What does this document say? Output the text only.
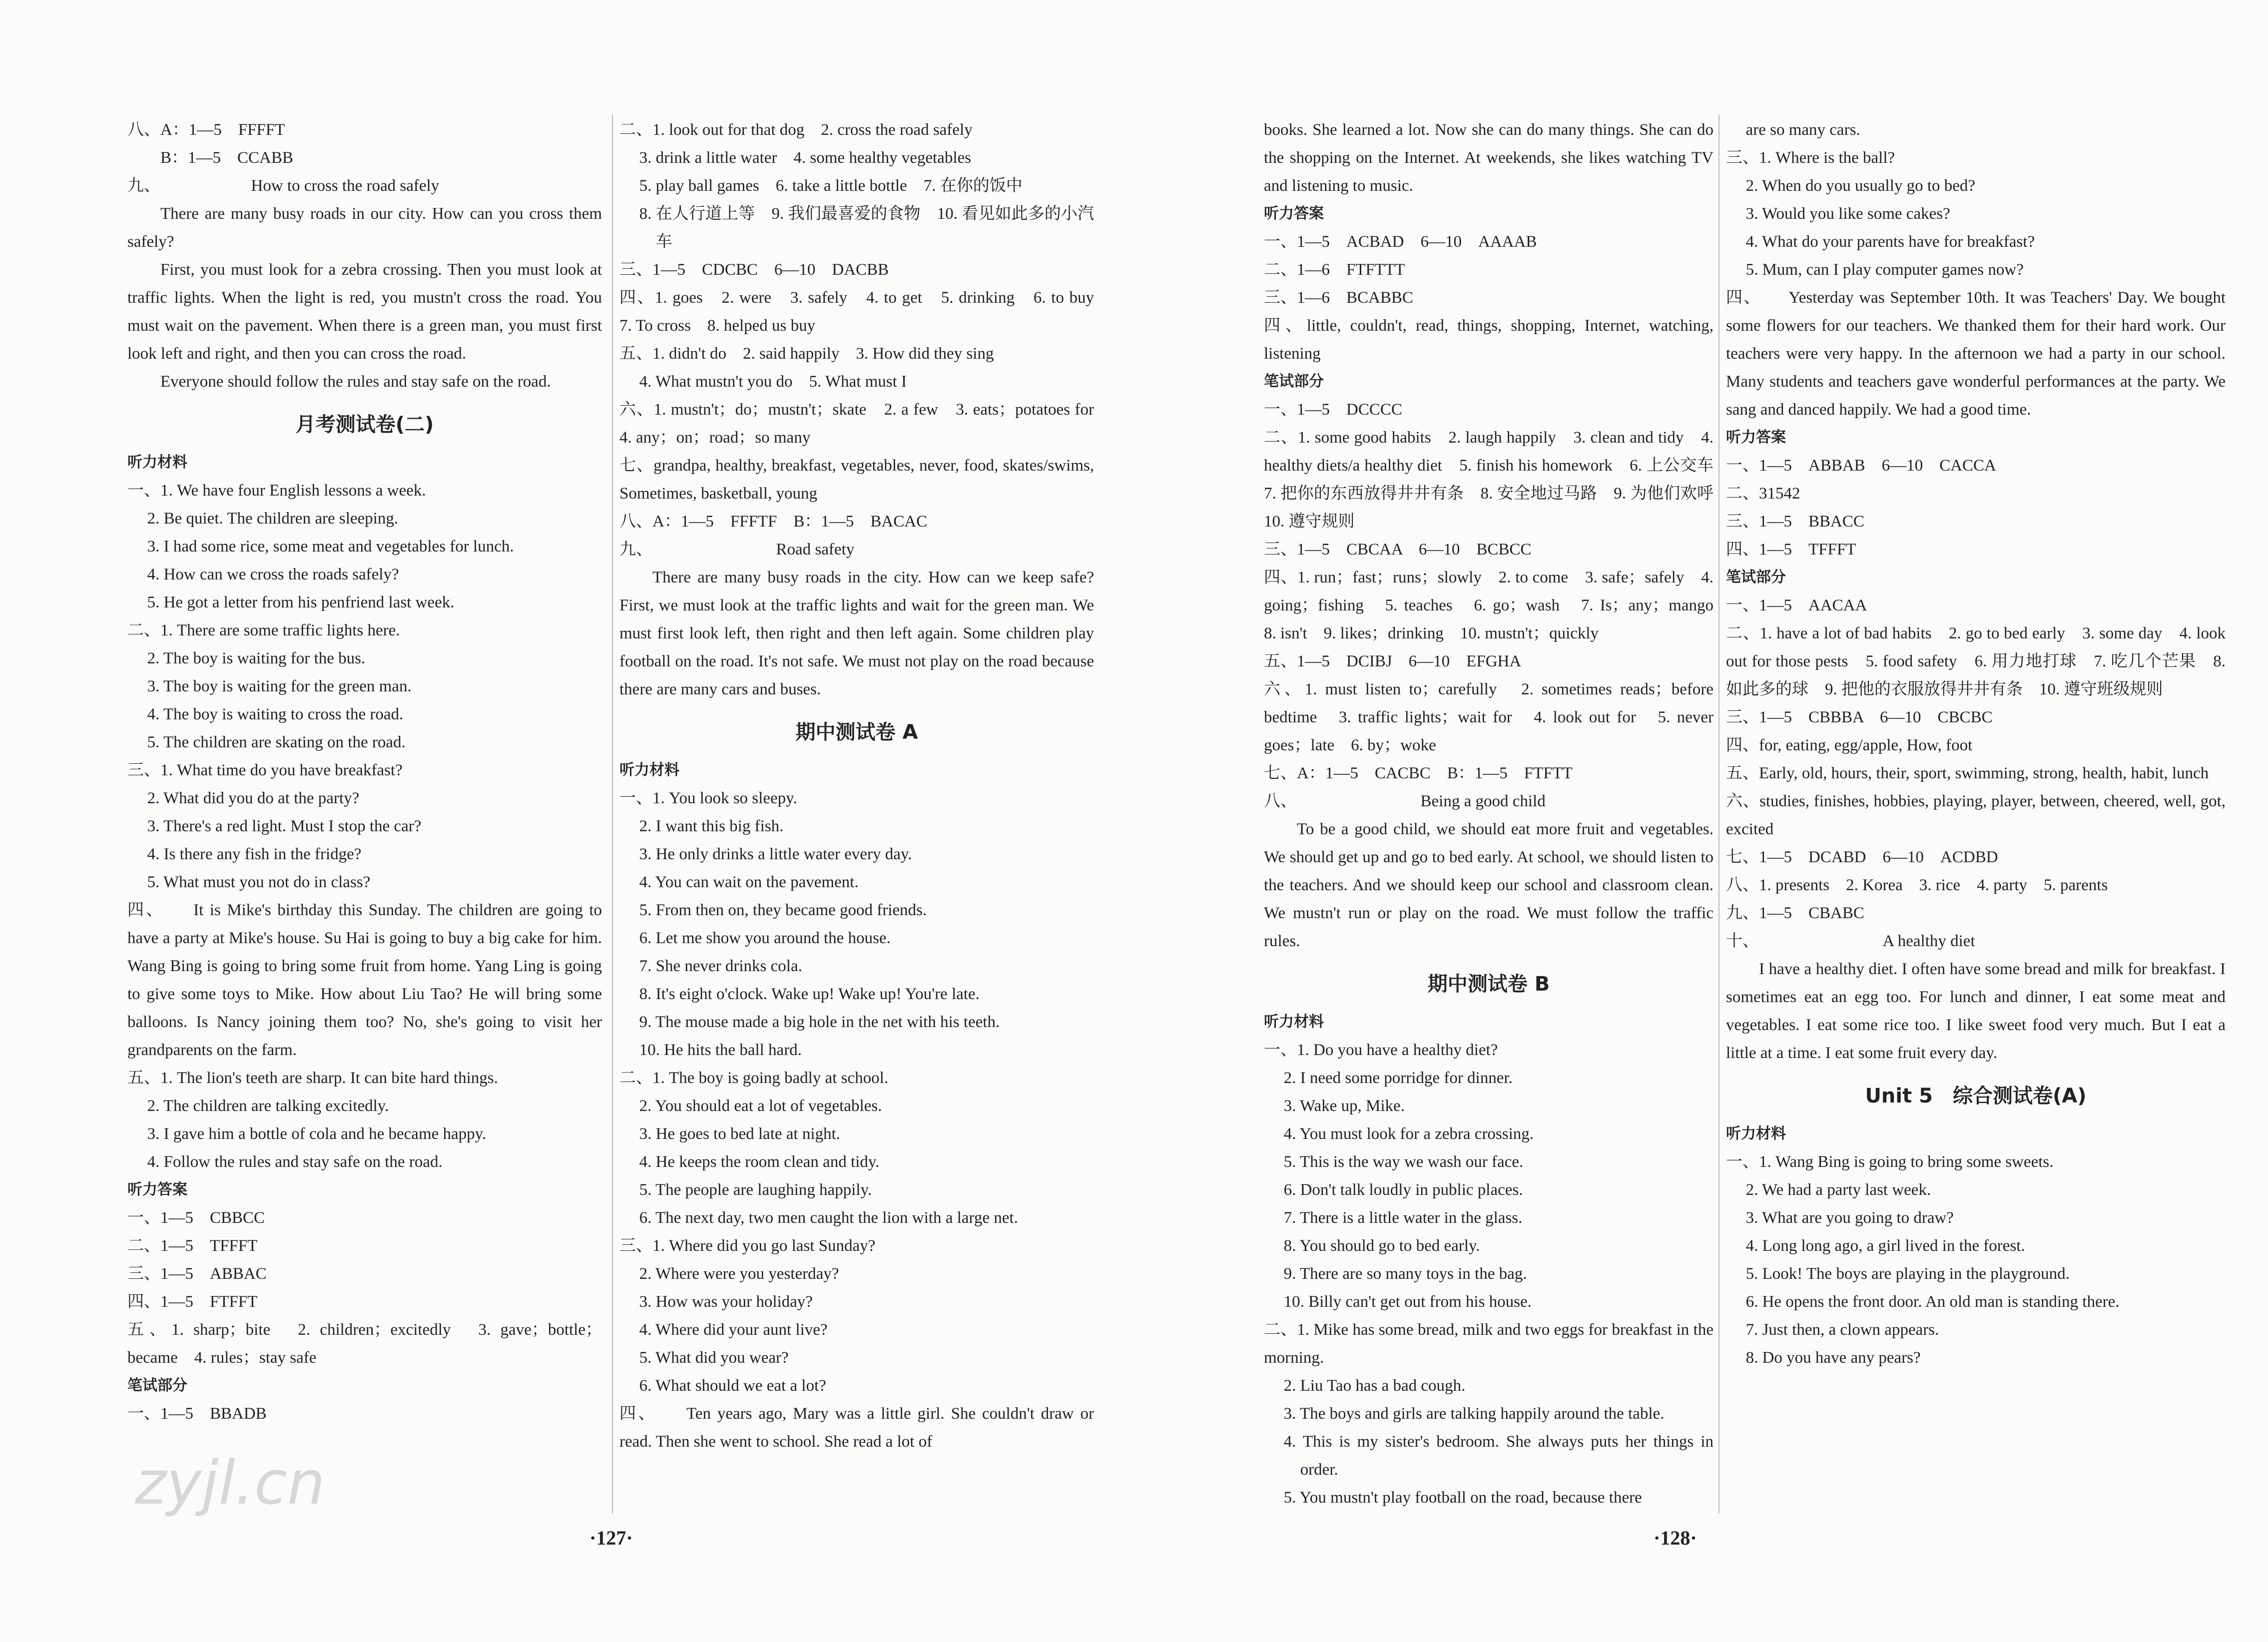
八、A：1—5　FFFFT
　　B：1—5　CCABB
九、　　　　　　How to cross the road safely
There are many busy roads in our city. How can you cross them safely?
First, you must look for a zebra crossing. Then you must look at traffic lights. When the light is red, you mustn't cross the road. You must wait on the pavement. When there is a green man, you must first look left and right, and then you can cross the road.
Everyone should follow the rules and stay safe on the road.
月考测试卷(二)
听力材料
一、1. We have four English lessons a week.
2. Be quiet. The children are sleeping.
3. I had some rice, some meat and vegetables for lunch.
4. How can we cross the roads safely?
5. He got a letter from his penfriend last week.
二、1. There are some traffic lights here.
2. The boy is waiting for the bus.
3. The boy is waiting for the green man.
4. The boy is waiting to cross the road.
5. The children are skating on the road.
三、1. What time do you have breakfast?
2. What did you do at the party?
3. There's a red light. Must I stop the car?
4. Is there any fish in the fridge?
5. What must you not do in class?
四、　　It is Mike's birthday this Sunday. The children are going to have a party at Mike's house. Su Hai is going to buy a big cake for him. Wang Bing is going to bring some fruit from home. Yang Ling is going to give some toys to Mike. How about Liu Tao? He will bring some balloons. Is Nancy joining them too? No, she's going to visit her grandparents on the farm.
五、1. The lion's teeth are sharp. It can bite hard things.
2. The children are talking excitedly.
3. I gave him a bottle of cola and he became happy.
4. Follow the rules and stay safe on the road.
听力答案
一、1—5　CBBCC
二、1—5　TFFFT
三、1—5　ABBAC
四、1—5　FTFFT
五、1. sharp；bite　2. children；excitedly　3. gave；bottle；became　4. rules；stay safe
笔试部分
一、1—5　BBADB
二、1. look out for that dog　2. cross the road safely
3. drink a little water　4. some healthy vegetables
5. play ball games　6. take a little bottle　7. 在你的饭中
8. 在人行道上等　9. 我们最喜爱的食物　10. 看见如此多的小汽车
三、1—5　CDCBC　6—10　DACBB
四、1. goes　2. were　3. safely　4. to get　5. drinking　6. to buy　7. To cross　8. helped us buy
五、1. didn't do　2. said happily　3. How did they sing
4. What mustn't you do　5. What must I
六、1. mustn't；do；mustn't；skate　2. a few　3. eats；potatoes for　4. any；on；road；so many
七、grandpa, healthy, breakfast, vegetables, never, food, skates/swims, Sometimes, basketball, young
八、A：1—5　FFFTF　B：1—5　BACAC
九、　　　　　　　　Road safety
There are many busy roads in the city. How can we keep safe? First, we must look at the traffic lights and wait for the green man. We must first look left, then right and then left again. Some children play football on the road. It's not safe. We must not play on the road because there are many cars and buses.
期中测试卷 A
听力材料
一、1. You look so sleepy.
2. I want this big fish.
3. He only drinks a little water every day.
4. You can wait on the pavement.
5. From then on, they became good friends.
6. Let me show you around the house.
7. She never drinks cola.
8. It's eight o'clock. Wake up! Wake up! You're late.
9. The mouse made a big hole in the net with his teeth.
10. He hits the ball hard.
二、1. The boy is going badly at school.
2. You should eat a lot of vegetables.
3. He goes to bed late at night.
4. He keeps the room clean and tidy.
5. The people are laughing happily.
6. The next day, two men caught the lion with a large net.
三、1. Where did you go last Sunday?
2. Where were you yesterday?
3. How was your holiday?
4. Where did your aunt live?
5. What did you wear?
6. What should we eat a lot?
四、　　Ten years ago, Mary was a little girl. She couldn't draw or read. Then she went to school. She read a lot of
books. She learned a lot. Now she can do many things. She can do the shopping on the Internet. At weekends, she likes watching TV and listening to music.
听力答案
一、1—5　ACBAD　6—10　AAAAB
二、1—6　FTFTTT
三、1—6　BCABBC
四、little, couldn't, read, things, shopping, Internet, watching, listening
笔试部分
一、1—5　DCCCC
二、1. some good habits　2. laugh happily　3. clean and tidy　4. healthy diets/a healthy diet　5. finish his homework　6. 上公交车　7. 把你的东西放得井井有条　8. 安全地过马路　9. 为他们欢呼　10. 遵守规则
三、1—5　CBCAA　6—10　BCBCC
四、1. run；fast；runs；slowly　2. to come　3. safe；safely　4. going；fishing　5. teaches　6. go；wash　7. Is；any；mango　8. isn't　9. likes；drinking　10. mustn't；quickly
五、1—5　DCIBJ　6—10　EFGHA
六、1. must listen to；carefully　2. sometimes reads；before bedtime　3. traffic lights；wait for　4. look out for　5. never goes；late　6. by；woke
七、A：1—5　CACBC　B：1—5　FTFTT
八、　　　　　　　　Being a good child
To be a good child, we should eat more fruit and vegetables. We should get up and go to bed early. At school, we should listen to the teachers. And we should keep our school and classroom clean. We mustn't run or play on the road. We must follow the traffic rules.
期中测试卷 B
听力材料
一、1. Do you have a healthy diet?
2. I need some porridge for dinner.
3. Wake up, Mike.
4. You must look for a zebra crossing.
5. This is the way we wash our face.
6. Don't talk loudly in public places.
7. There is a little water in the glass.
8. You should go to bed early.
9. There are so many toys in the bag.
10. Billy can't get out from his house.
二、1. Mike has some bread, milk and two eggs for breakfast in the morning.
2. Liu Tao has a bad cough.
3. The boys and girls are talking happily around the table.
4. This is my sister's bedroom. She always puts her things in order.
5. You mustn't play football on the road, because there
are so many cars.
三、1. Where is the ball?
2. When do you usually go to bed?
3. Would you like some cakes?
4. What do your parents have for breakfast?
5. Mum, can I play computer games now?
四、　　Yesterday was September 10th. It was Teachers' Day. We bought some flowers for our teachers. We thanked them for their hard work. Our teachers were very happy. In the afternoon we had a party in our school. Many students and teachers gave wonderful performances at the party. We sang and danced happily. We had a good time.
听力答案
一、1—5　ABBAB　6—10　CACCA
二、31542
三、1—5　BBACC
四、1—5　TFFFT
笔试部分
一、1—5　AACAA
二、1. have a lot of bad habits　2. go to bed early　3. some day　4. look out for those pests　5. food safety　6. 用力地打球　7. 吃几个芒果　8. 如此多的球　9. 把他的衣服放得井井有条　10. 遵守班级规则
三、1—5　CBBBA　6—10　CBCBC
四、for, eating, egg/apple, How, foot
五、Early, old, hours, their, sport, swimming, strong, health, habit, lunch
六、studies, finishes, hobbies, playing, player, between, cheered, well, got, excited
七、1—5　DCABD　6—10　ACDBD
八、1. presents　2. Korea　3. rice　4. party　5. parents
九、1—5　CBABC
十、　　　　　　　　A healthy diet
I have a healthy diet. I often have some bread and milk for breakfast. I sometimes eat an egg too. For lunch and dinner, I eat some meat and vegetables. I eat some rice too. I like sweet food very much. But I eat a little at a time. I eat some fruit every day.
Unit 5　综合测试卷(A)
听力材料
一、1. Wang Bing is going to bring some sweets.
2. We had a party last week.
3. What are you going to draw?
4. Long long ago, a girl lived in the forest.
5. Look! The boys are playing in the playground.
6. He opens the front door. An old man is standing there.
7. Just then, a clown appears.
8. Do you have any pears?
·127·	·128·
zyjl.cn
